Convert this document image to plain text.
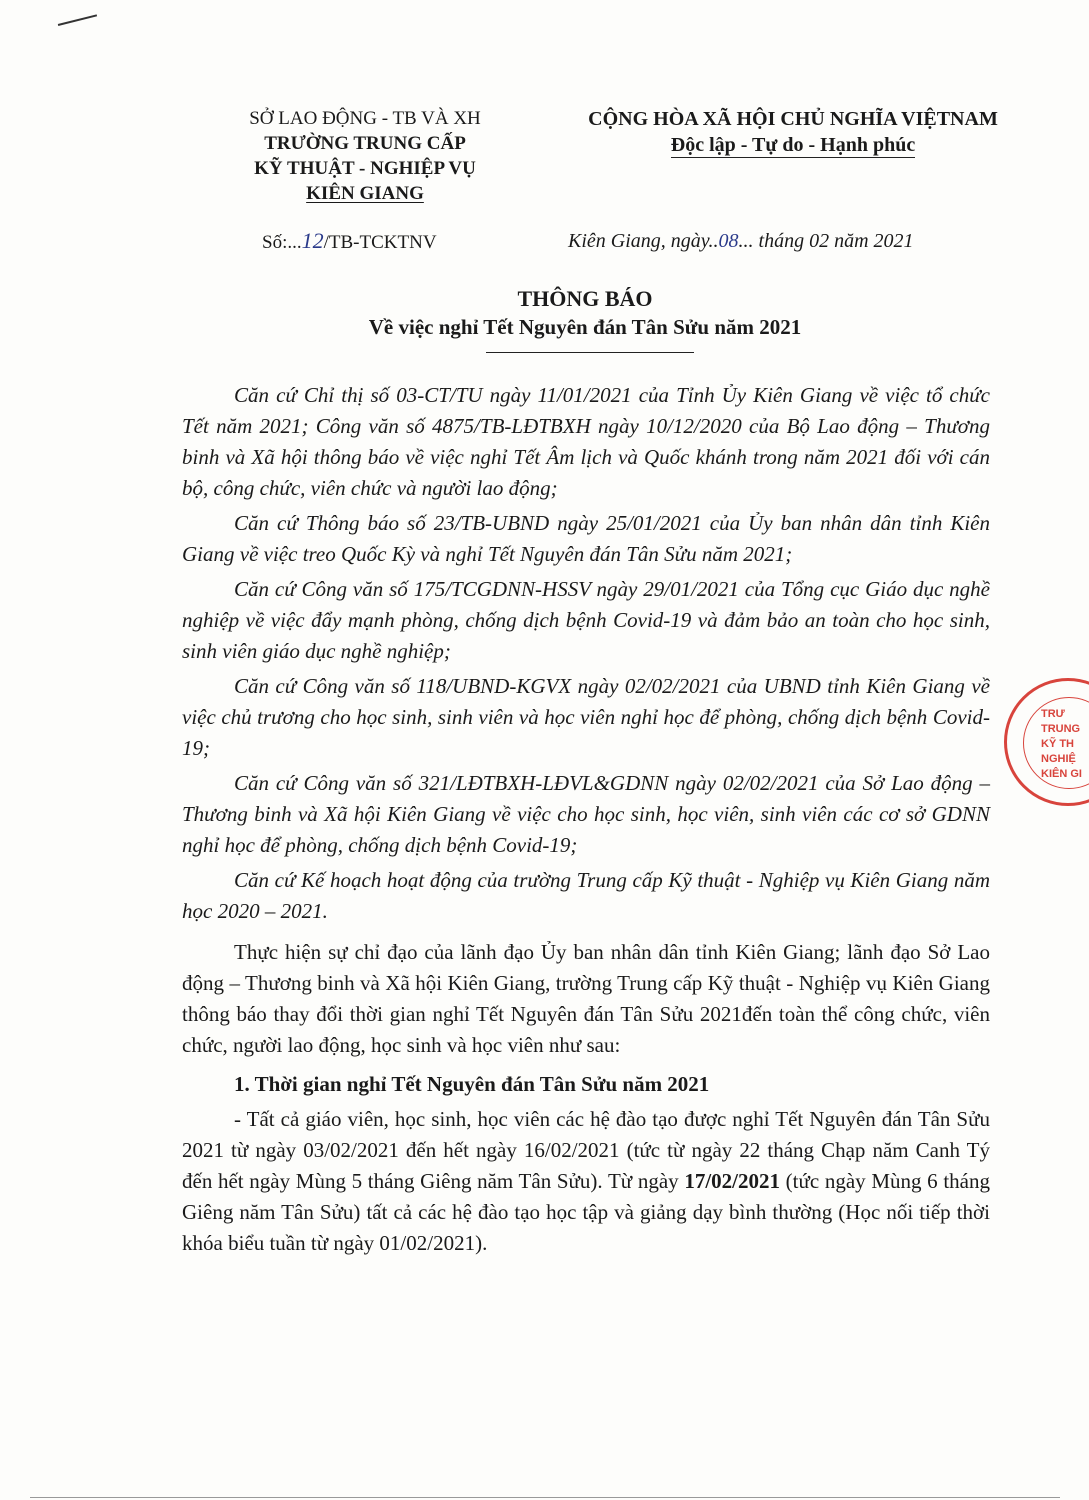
SỞ LAO ĐỘNG - TB VÀ XH
TRƯỜNG TRUNG CẤP
KỸ THUẬT - NGHIỆP VỤ
KIÊN GIANG
CỘNG HÒA XÃ HỘI CHỦ NGHĨA VIỆTNAM
Độc lập - Tự do - Hạnh phúc
Số:...12/TB-TCKTNV	Kiên Giang, ngày..08... tháng 02 năm 2021
THÔNG BÁO
Về việc nghỉ Tết Nguyên đán Tân Sửu năm 2021

Căn cứ Chỉ thị số 03-CT/TU ngày 11/01/2021 của Tỉnh Ủy Kiên Giang về việc tổ chức Tết năm 2021; Công văn số 4875/TB-LĐTBXH ngày 10/12/2020 của Bộ Lao động – Thương binh và Xã hội thông báo về việc nghỉ Tết Âm lịch và Quốc khánh trong năm 2021 đối với cán bộ, công chức, viên chức và người lao động;

Căn cứ Thông báo số 23/TB-UBND ngày 25/01/2021 của Ủy ban nhân dân tỉnh Kiên Giang về việc treo Quốc Kỳ và nghỉ Tết Nguyên đán Tân Sửu năm 2021;

Căn cứ Công văn số 175/TCGDNN-HSSV ngày 29/01/2021 của Tổng cục Giáo dục nghề nghiệp về việc đẩy mạnh phòng, chống dịch bệnh Covid-19 và đảm bảo an toàn cho học sinh, sinh viên giáo dục nghề nghiệp;

Căn cứ Công văn số 118/UBND-KGVX ngày 02/02/2021 của UBND tỉnh Kiên Giang về việc chủ trương cho học sinh, sinh viên và học viên nghỉ học để phòng, chống dịch bệnh Covid-19;

Căn cứ Công văn số 321/LĐTBXH-LĐVL&GDNN ngày 02/02/2021 của Sở Lao động – Thương binh và Xã hội Kiên Giang về việc cho học sinh, học viên, sinh viên các cơ sở GDNN nghỉ học để phòng, chống dịch bệnh Covid-19;

Căn cứ Kế hoạch hoạt động của trường Trung cấp Kỹ thuật - Nghiệp vụ Kiên Giang năm học 2020 – 2021.

Thực hiện sự chỉ đạo của lãnh đạo Ủy ban nhân dân tỉnh Kiên Giang; lãnh đạo Sở Lao động – Thương binh và Xã hội Kiên Giang, trường Trung cấp Kỹ thuật - Nghiệp vụ Kiên Giang thông báo thay đổi thời gian nghỉ Tết Nguyên đán Tân Sửu 2021đến toàn thể công chức, viên chức, người lao động, học sinh và học viên như sau:

1. Thời gian nghỉ Tết Nguyên đán Tân Sửu năm 2021

- Tất cả giáo viên, học sinh, học viên các hệ đào tạo được nghỉ Tết Nguyên đán Tân Sửu 2021 từ ngày 03/02/2021 đến hết ngày 16/02/2021 (tức từ ngày 22 tháng Chạp năm Canh Tý đến hết ngày Mùng 5 tháng Giêng năm Tân Sửu). Từ ngày 17/02/2021 (tức ngày Mùng 6 tháng Giêng năm Tân Sửu) tất cả các hệ đào tạo học tập và giảng dạy bình thường (Học nối tiếp thời khóa biểu tuần từ ngày 01/02/2021).

TRƯ
TRUNG
KỸ TH
NGHIỆ
KIÊN GI
